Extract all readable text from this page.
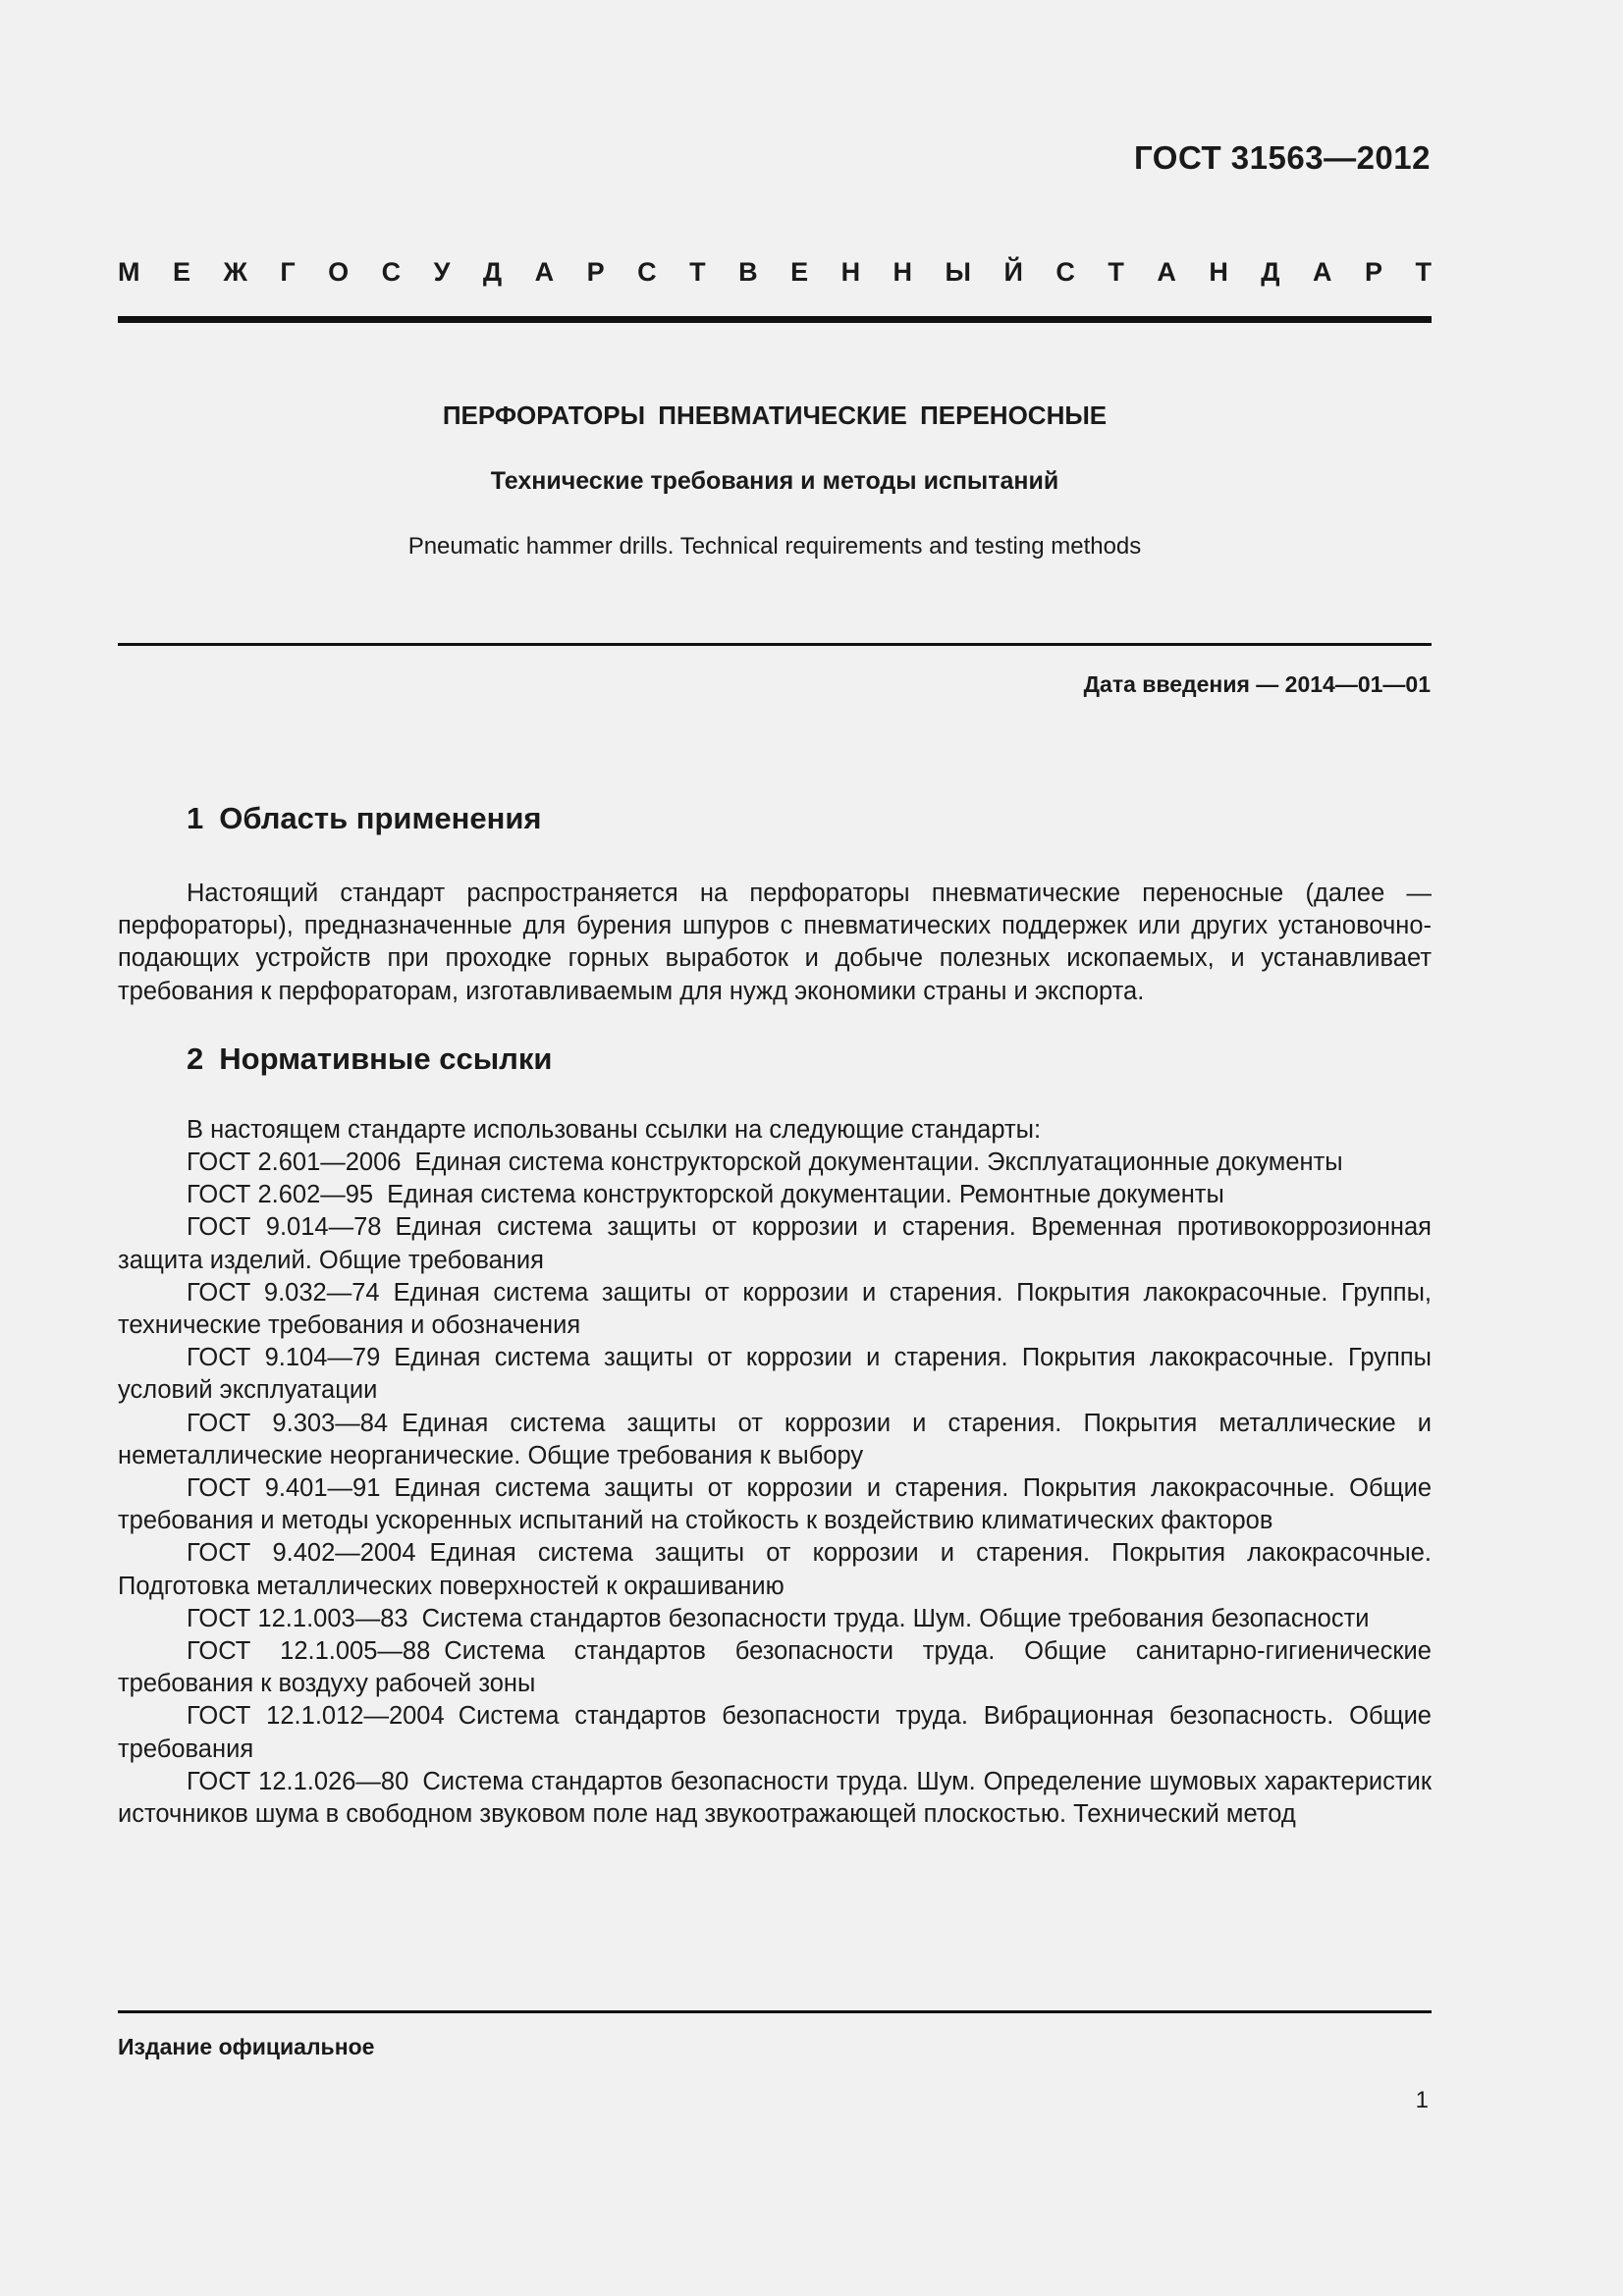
ГОСТ 31563—2012
М Е Ж Г О С У Д А Р С Т В Е Н Н Ы Й С Т А Н Д А Р Т
ПЕРФОРАТОРЫ ПНЕВМАТИЧЕСКИЕ ПЕРЕНОСНЫЕ
Технические требования и методы испытаний
Pneumatic hammer drills. Technical requirements and testing methods
Дата введения — 2014—01—01
1 Область применения

Настоящий стандарт распространяется на перфораторы пневматические переносные (далее — перфораторы), предназначенные для бурения шпуров с пневматических поддержек или других установочно-подающих устройств при проходке горных выработок и добыче полезных ископаемых, и устанавливает требования к перфораторам, изготавливаемым для нужд экономики страны и экспорта.

2 Нормативные ссылки

В настоящем стандарте использованы ссылки на следующие стандарты:

ГОСТ 2.601—2006 Единая система конструкторской документации. Эксплуатационные документы

ГОСТ 2.602—95 Единая система конструкторской документации. Ремонтные документы

ГОСТ 9.014—78 Единая система защиты от коррозии и старения. Временная противокоррозионная защита изделий. Общие требования

ГОСТ 9.032—74 Единая система защиты от коррозии и старения. Покрытия лакокрасочные. Группы, технические требования и обозначения

ГОСТ 9.104—79 Единая система защиты от коррозии и старения. Покрытия лакокрасочные. Группы условий эксплуатации

ГОСТ 9.303—84 Единая система защиты от коррозии и старения. Покрытия металлические и неметаллические неорганические. Общие требования к выбору

ГОСТ 9.401—91 Единая система защиты от коррозии и старения. Покрытия лакокрасочные. Общие требования и методы ускоренных испытаний на стойкость к воздействию климатических факторов

ГОСТ 9.402—2004 Единая система защиты от коррозии и старения. Покрытия лакокрасочные. Подготовка металлических поверхностей к окрашиванию

ГОСТ 12.1.003—83 Система стандартов безопасности труда. Шум. Общие требования безопасности

ГОСТ 12.1.005—88 Система стандартов безопасности труда. Общие санитарно-гигиенические требования к воздуху рабочей зоны

ГОСТ 12.1.012—2004 Система стандартов безопасности труда. Вибрационная безопасность. Общие требования

ГОСТ 12.1.026—80 Система стандартов безопасности труда. Шум. Определение шумовых характеристик источников шума в свободном звуковом поле над звукоотражающей плоскостью. Технический метод

Издание официальное
1
